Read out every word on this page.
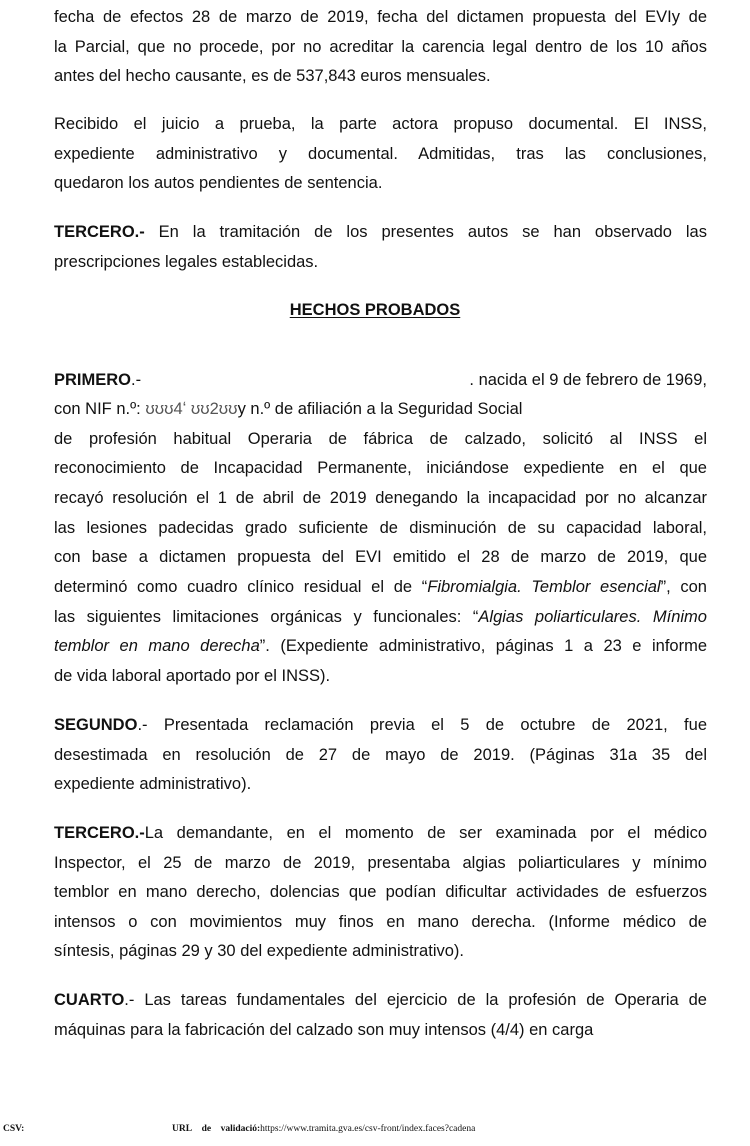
fecha de efectos 28 de marzo de 2019, fecha del dictamen propuesta del EVIy de
la Parcial, que no procede, por no acreditar la carencia legal dentro de los 10 años
antes del hecho causante, es de 537,843 euros mensuales.
Recibido el juicio a prueba, la parte actora propuso documental. El INSS,
expediente administrativo y documental. Admitidas, tras las conclusiones,
quedaron los autos pendientes de sentencia.
TERCERO.- En la tramitación de los presentes autos se han observado las
prescripciones legales establecidas.
HECHOS PROBADOS
PRIMERO.-	. nacida el 9 de febrero de 1969,
con NIF n.º: ʊʊʊ4ʻ ʊʊ2ʊʊy n.º de afiliación a la Seguridad Social
de profesión habitual Operaria de fábrica de calzado, solicitó al INSS el
reconocimiento de Incapacidad Permanente, iniciándose expediente en el que
recayó resolución el 1 de abril de 2019 denegando la incapacidad por no alcanzar
las lesiones padecidas grado suficiente de disminución de su capacidad laboral,
con base a dictamen propuesta del EVI emitido el 28 de marzo de 2019, que
determinó como cuadro clínico residual el de “Fibromialgia. Temblor esencial”, con
las siguientes limitaciones orgánicas y funcionales: “Algias poliarticulares. Mínimo
temblor en mano derecha”. (Expediente administrativo, páginas 1 a 23 e informe
de vida laboral aportado por el INSS).
SEGUNDO.- Presentada reclamación previa el 5 de octubre de 2021, fue
desestimada en resolución de 27 de mayo de 2019. (Páginas 31a 35 del
expediente administrativo).
TERCERO.-La demandante, en el momento de ser examinada por el médico
Inspector, el 25 de marzo de 2019, presentaba algias poliarticulares y mínimo
temblor en mano derecho, dolencias que podían dificultar actividades de esfuerzos
intensos o con movimientos muy finos en mano derecha. (Informe médico de
síntesis, páginas 29 y 30 del expediente administrativo).
CUARTO.- Las tareas fundamentales del ejercicio de la profesión de Operaria de
máquinas para la fabricación del calzado son muy intensos (4/4) en carga
CSV:	URL de validació:https://www.tramita.gva.es/csv-front/index.faces?cadena
